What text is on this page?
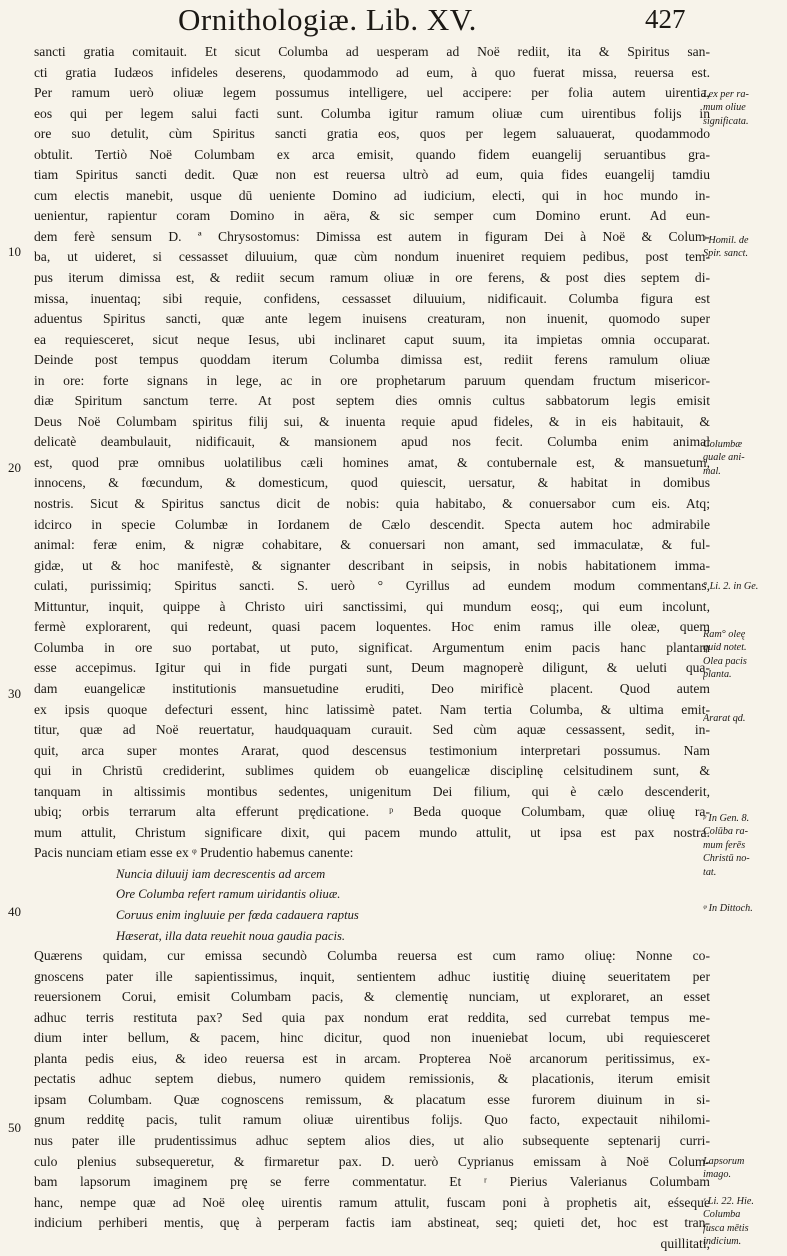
Ornithologiæ. Lib. XV.	427
10
20
30
40
50
sancti gratia comitauit. Et sicut Columba ad uesperam ad Noë rediit, ita & Spiritus san-
cti gratia Iudæos infideles deserens, quodammodo ad eum, à quo fuerat missa, reuersa est.
Per ramum uerò oliuæ legem possumus intelligere, uel accipere: per folia autem uirentia,
eos qui per legem salui facti sunt. Columba igitur ramum oliuæ cum uirentibus folijs in
ore suo detulit, cùm Spiritus sancti gratia eos, quos per legem saluauerat, quodammodo
obtulit. Tertiò Noë Columbam ex arca emisit, quando fidem euangelij seruantibus gra-
tiam Spiritus sancti dedit. Quæ non est reuersa ultrò ad eum, quia fides euangelij tamdiu
cum electis manebit, usque dū ueniente Domino ad iudicium, electi, qui in hoc mundo in-
uenientur, rapientur coram Domino in aëra, & sic semper cum Domino erunt. Ad eun-
dem ferè sensum D. ª Chrysostomus: Dimissa est autem in figuram Dei à Noë & Colum-
ba, ut uideret, si cessasset diluuium, quæ cùm nondum inueniret requiem pedibus, post tem-
pus iterum dimissa est, & rediit secum ramum oliuæ in ore ferens, & post dies septem di-
missa, inuentaq; sibi requie, confidens, cessasset diluuium, nidificauit. Columba figura est
aduentus Spiritus sancti, quæ ante legem inuisens creaturam, non inuenit, quomodo super
ea requiesceret, sicut neque Iesus, ubi inclinaret caput suum, ita impietas omnia occuparat.
Deinde post tempus quoddam iterum Columba dimissa est, rediit ferens ramulum oliuæ
in ore: forte signans in lege, ac in ore prophetarum paruum quendam fructum misericor-
diæ Spiritum sanctum terre. At post septem dies omnis cultus sabbatorum legis emisit
Deus Noë Columbam spiritus filij sui, & inuenta requie apud fideles, & in eis habitauit, &
delicatè deambulauit, nidificauit, & mansionem apud nos fecit. Columba enim animal
est, quod præ omnibus uolatilibus cæli homines amat, & contubernale est, & mansuetum,
innocens, & fœcundum, & domesticum, quod quiescit, uersatur, & habitat in domibus
nostris. Sicut & Spiritus sanctus dicit de nobis: quia habitabo, & conuersabor cum eis. Atq;
idcirco in specie Columbæ in Iordanem de Cælo descendit. Specta autem hoc admirabile
animal: feræ enim, & nigræ cohabitare, & conuersari non amant, sed immaculatæ, & ful-
gidæ, ut & hoc manifestè, & signanter describant in seipsis, in nobis habitationem imma-
culati, purissimiq; Spiritus sancti. S. uerò ° Cyrillus ad eundem modum commentans,
Mittuntur, inquit, quippe à Christo uiri sanctissimi, qui mundum eosq;, qui eum incolunt,
fermè explorarent, qui redeunt, quasi pacem loquentes. Hoc enim ramus ille oleæ, quem
Columba in ore suo portabat, ut puto, significat. Argumentum enim pacis hanc plantam
esse accepimus. Igitur qui in fide purgati sunt, Deum magnoperè diligunt, & ueluti qua-
dam euangelicæ institutionis mansuetudine eruditi, Deo mirificè placent. Quod autem
ex ipsis quoque defecturi essent, hinc latissimè patet. Nam tertia Columba, & ultima emit-
titur, quæ ad Noë reuertatur, haudquaquam curauit. Sed cùm aquæ cessassent, sedit, in-
quit, arca super montes Ararat, quod descensus testimonium interpretari possumus. Nam
qui in Christū crediderint, sublimes quidem ob euangelicæ disciplinę celsitudinem sunt, &
tanquam in altissimis montibus sedentes, unigenitum Dei filium, qui è cælo descenderit,
ubiq; orbis terrarum alta efferunt prędicatione. ᵖ Beda quoque Columbam, quæ oliuę ra-
mum attulit, Christum significare dixit, qui pacem mundo attulit, ut ipsa est pax nostra.
Pacis nunciam etiam esse ex ᵠ Prudentio habemus canente:
Nuncia diluuij iam decrescentis ad arcem
Ore Columba refert ramum uiridantis oliuæ.
Coruus enim ingluuie per fœda cadauera raptus
Hæserat, illa data reuehit noua gaudia pacis.
Quærens quidam, cur emissa secundò Columba reuersa est cum ramo oliuę: Nonne co-
gnoscens pater ille sapientissimus, inquit, sentientem adhuc iustitię diuinę seueritatem per
reuersionem Corui, emisit Columbam pacis, & clementię nunciam, ut exploraret, an esset
adhuc terris restituta pax? Sed quia pax nondum erat reddita, sed currebat tempus me-
dium inter bellum, & pacem, hinc dicitur, quod non inueniebat locum, ubi requiesceret
planta pedis eius, & ideo reuersa est in arcam. Propterea Noë arcanorum peritissimus, ex-
pectatis adhuc septem diebus, numero quidem remissionis, & placationis, iterum emisit
ipsam Columbam. Quæ cognoscens remissum, & placatum esse furorem diuinum in si-
gnum redditę pacis, tulit ramum oliuæ uirentibus folijs. Quo facto, expectauit nihilomi-
nus pater ille prudentissimus adhuc septem alios dies, ut alio subsequente septenarij curri-
culo plenius subsequeretur, & firmaretur pax. D. uerò Cyprianus emissam à Noë Colum-
bam lapsorum imaginem prę se ferre commentatur. Et ʳ Pierius Valerianus Columbam
hanc, nempe quæ ad Noë oleę uirentis ramum attulit, fuscam poni à prophetis ait, eśseque
indicium perhiberi mentis, quę à perperam factis iam abstineat, seq; quieti det, hoc est tran-
quillitati,
Lex per ra-
mum oliue
significata.
ª Homil. de
Spir. sanct.
Columbæ
quale ani-
mal.
° Li. 2. in Ge.
Ram° oleę
quid notet.
Olea pacis
planta.
Ararat qd.
ᵖ In Gen. 8.
Colūba ra-
mum ferēs
Christū no-
tat.
ᵠ In Dittoch.
Lapsorum
imago.
ʳ Li. 22. Hie.
Columba
fusca mētis
indicium.
